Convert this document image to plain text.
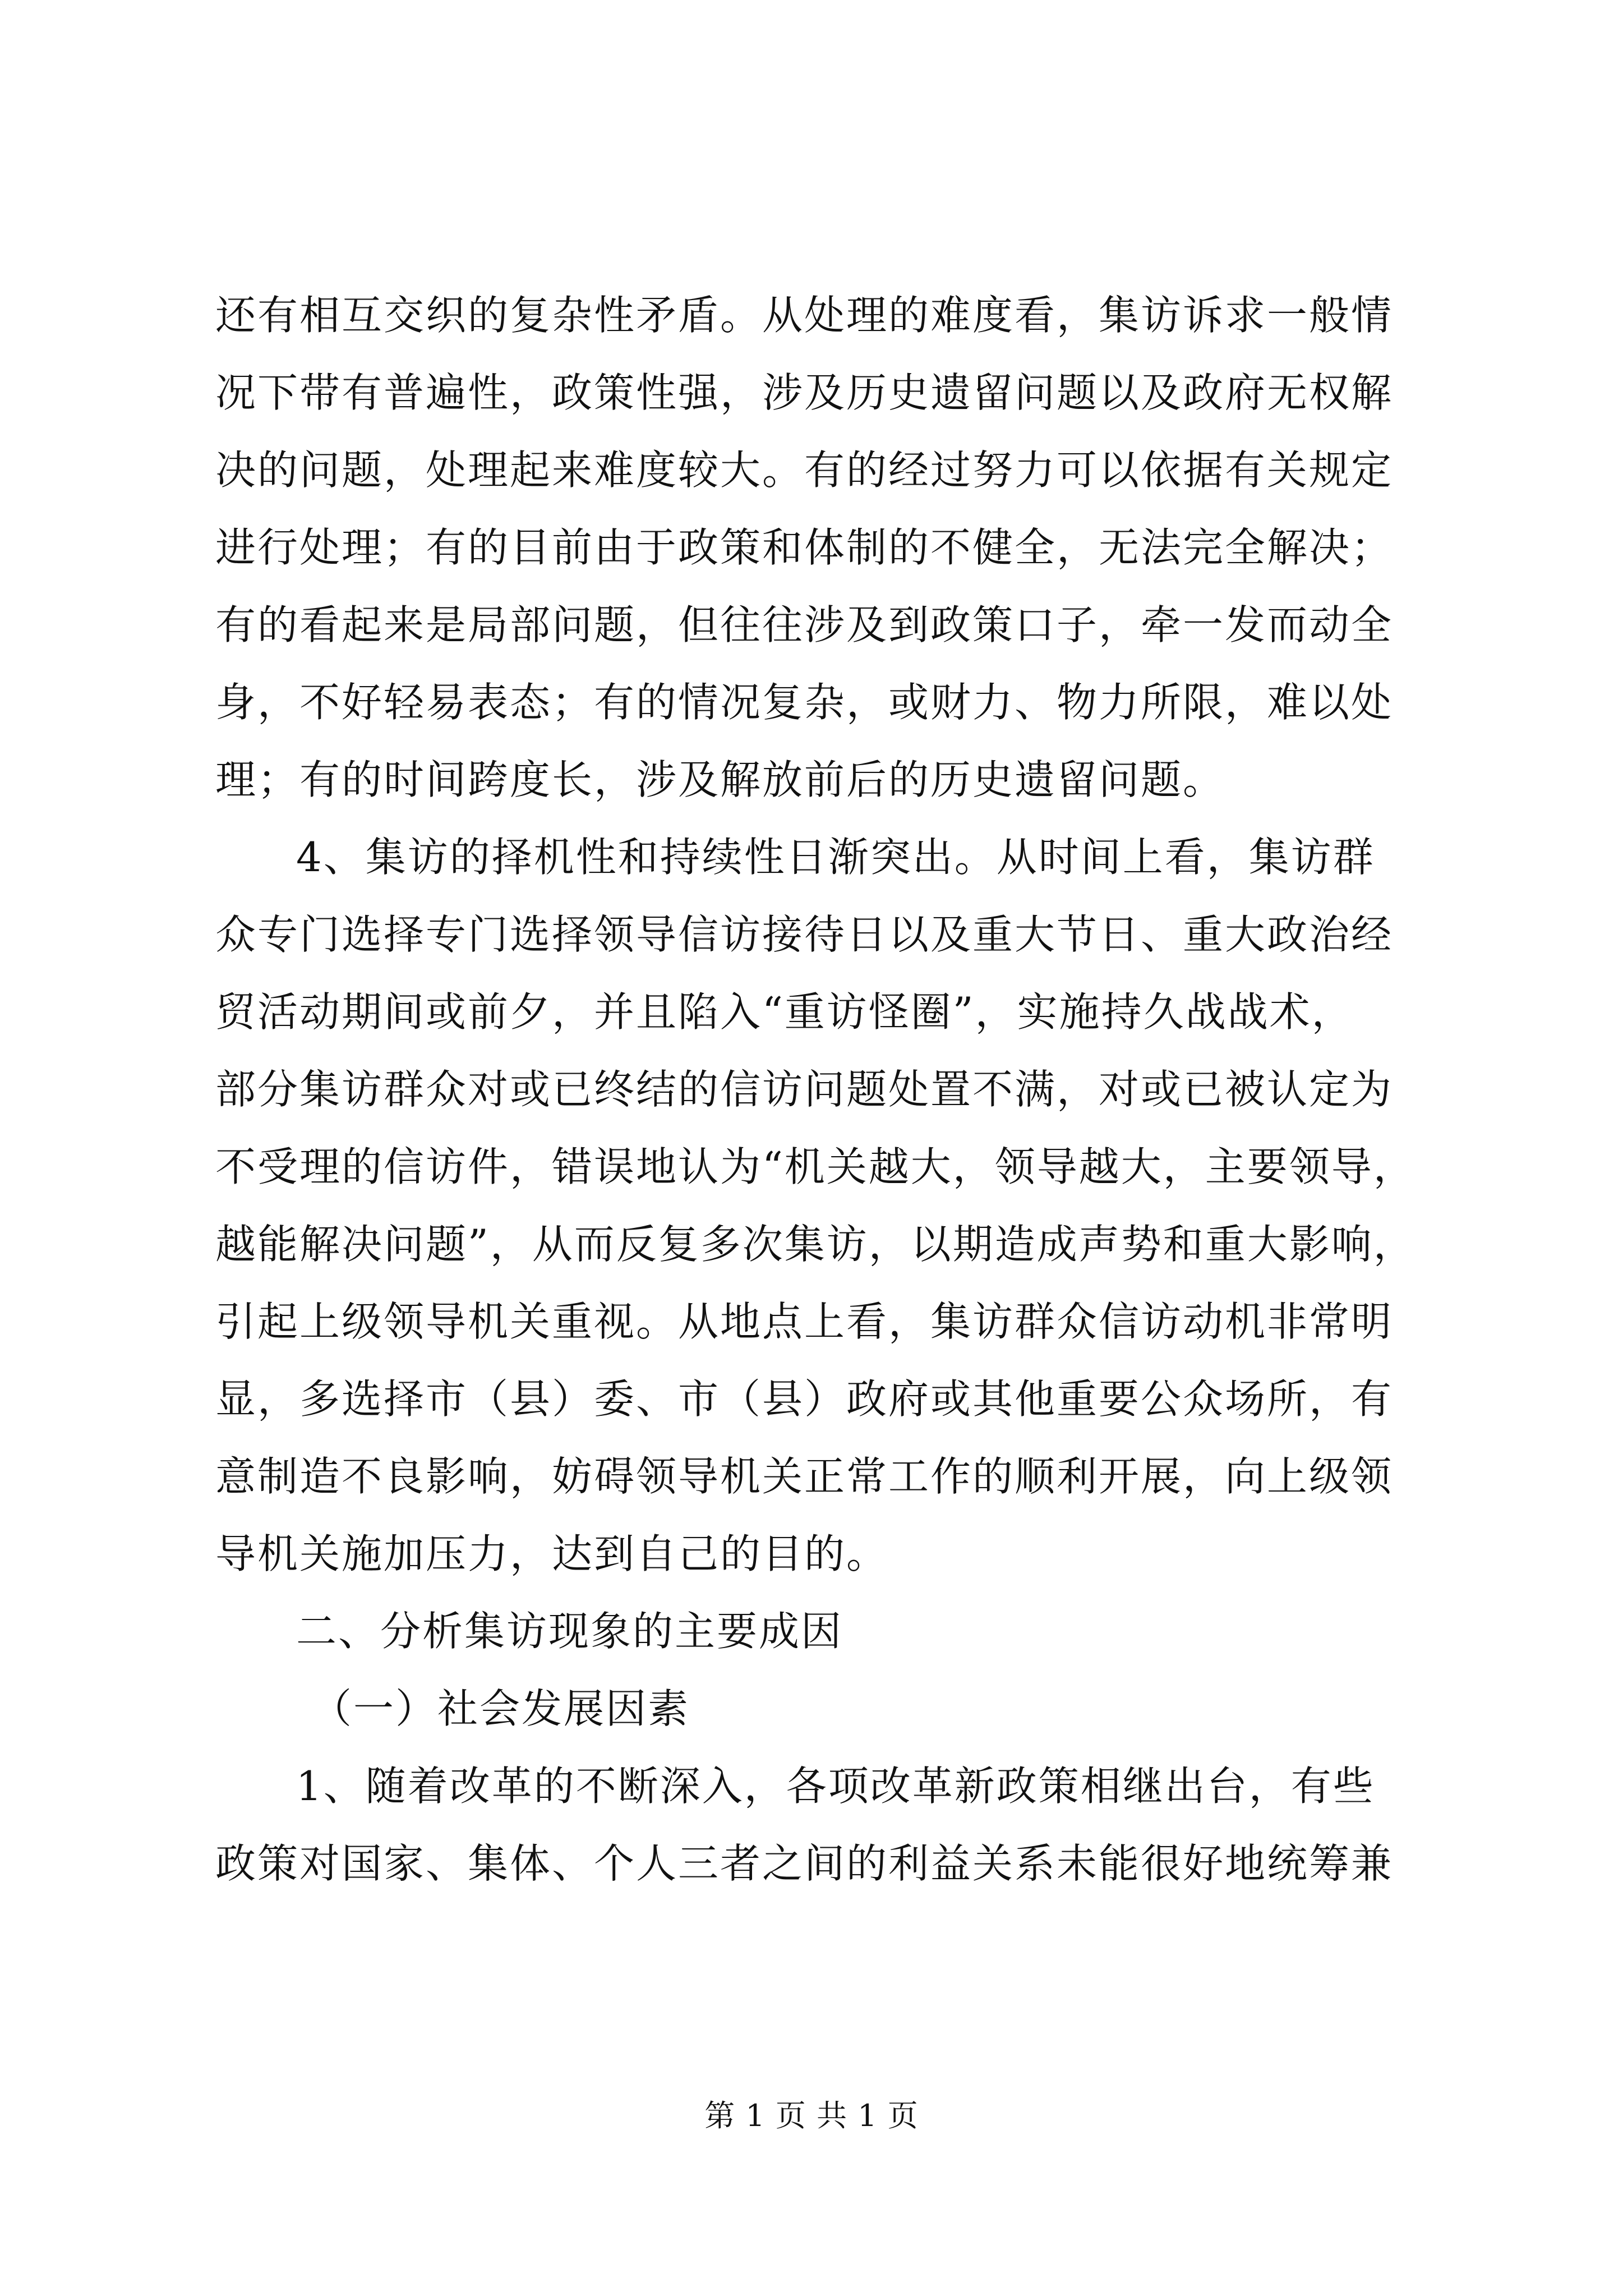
还有相互交织的复杂性矛盾。从处理的难度看，集访诉求一般情
况下带有普遍性，政策性强，涉及历史遗留问题以及政府无权解
决的问题，处理起来难度较大。有的经过努力可以依据有关规定
进行处理；有的目前由于政策和体制的不健全，无法完全解决；
有的看起来是局部问题，但往往涉及到政策口子，牵一发而动全
身，不好轻易表态；有的情况复杂，或财力、物力所限，难以处
理；有的时间跨度长，涉及解放前后的历史遗留问题。
4、集访的择机性和持续性日渐突出。从时间上看，集访群
众专门选择专门选择领导信访接待日以及重大节日、重大政治经
贸活动期间或前夕，并且陷入“重访怪圈”，实施持久战战术，
部分集访群众对或已终结的信访问题处置不满，对或已被认定为
不受理的信访件，错误地认为“机关越大，领导越大，主要领导，
越能解决问题”，从而反复多次集访，以期造成声势和重大影响，
引起上级领导机关重视。从地点上看，集访群众信访动机非常明
显，多选择市（县）委、市（县）政府或其他重要公众场所，有
意制造不良影响，妨碍领导机关正常工作的顺利开展，向上级领
导机关施加压力，达到自己的目的。
二、分析集访现象的主要成因
（一）社会发展因素
1、随着改革的不断深入，各项改革新政策相继出台，有些
政策对国家、集体、个人三者之间的利益关系未能很好地统筹兼
第 1 页 共 1 页
